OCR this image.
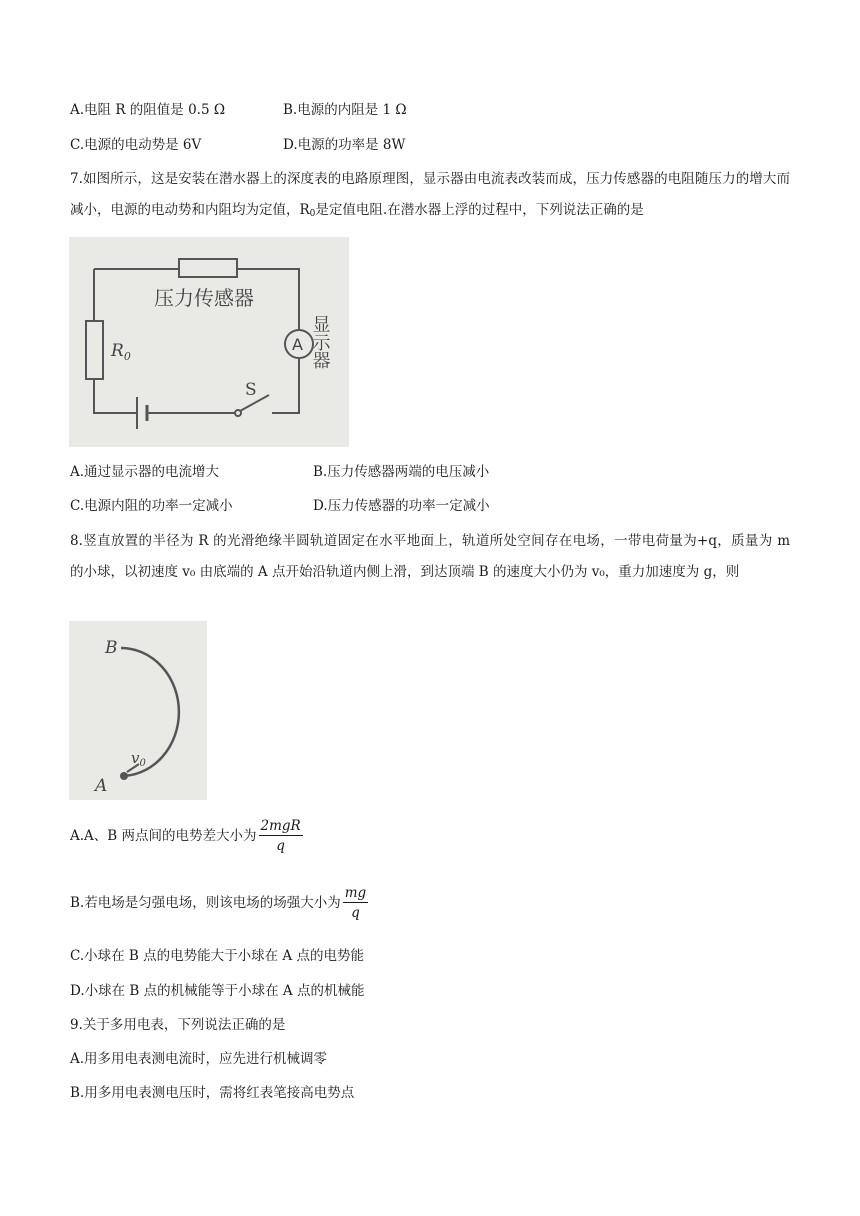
A.电阻 R 的阻值是 0.5 Ω	B.电源的内阻是 1 Ω
C.电源的电动势是 6V	D.电源的功率是 8W
7.如图所示，这是安装在潜水器上的深度表的电路原理图，显示器由电流表改装而成，压力传感器的电阻随压力的增大而减小，电源的电动势和内阻均为定值，$R_0$是定值电阻.在潜水器上浮的过程中，下列说法正确的是
压力传感器
A
$R_0$
S
显示器
A.通过显示器的电流增大	B.压力传感器两端的电压减小
C.电源内阻的功率一定减小	D.压力传感器的功率一定减小
8.竖直放置的半径为 R 的光滑绝缘半圆轨道固定在水平地面上，轨道所处空间存在电场，一带电荷量为+q，质量为 m 的小球，以初速度 v₀ 由底端的 A 点开始沿轨道内侧上滑，到达顶端 B 的速度大小仍为 v₀，重力加速度为 g，则
B
A
$v_0$
A.A、B 两点间的电势差大小为 $\frac{\text{2mgR}}{q}$
B.若电场是匀强电场，则该电场的场强大小为 $\frac{mg}{q}$
C.小球在 B 点的电势能大于小球在 A 点的电势能
D.小球在 B 点的机械能等于小球在 A 点的机械能
9.关于多用电表，下列说法正确的是
A.用多用电表测电流时，应先进行机械调零
B.用多用电表测电压时，需将红表笔接高电势点
